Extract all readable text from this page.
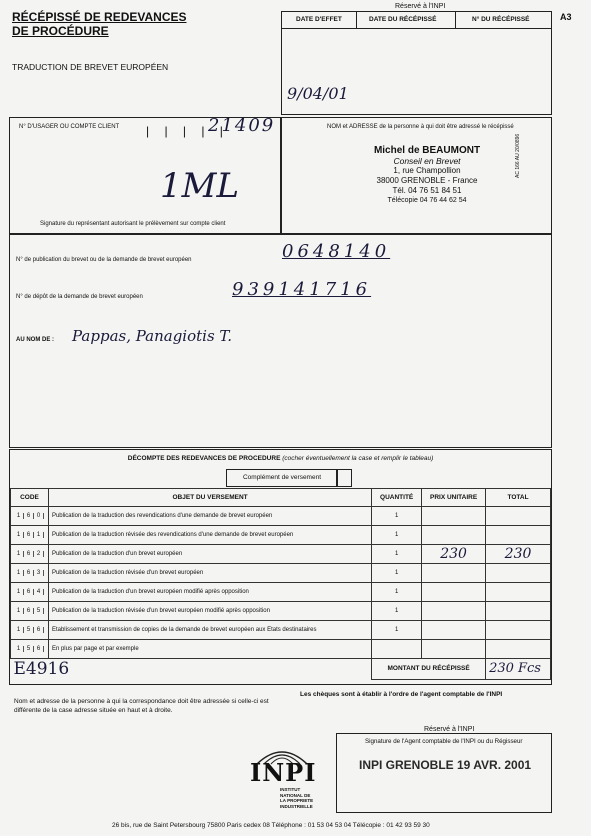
RÉCÉPISSÉ DE REDEVANCES
DE PROCÉDURE
TRADUCTION DE BREVET EUROPÉEN
A3
Réservé à l'INPI
DATE D'EFFET	DATE DU RÉCÉPISSÉ	N° DU RÉCÉPISSÉ
9/04/01
N° D'USAGER OU COMPTE CLIENT | | | | |
21409
1ML
Signature du représentant autorisant le prélèvement sur compte client
NOM et ADRESSE de la personne à qui doit être adressé le récépissé
Michel de BEAUMONT
Conseil en Brevet
1, rue Champollion
38000 GRENOBLE - France
Tél. 04 76 51 84 51
Télécopie 04 76 44 62 54
AC 166 AU 20/0896
N° de publication du brevet ou de la demande de brevet européen	0648140
N° de dépôt de la demande de brevet européen	939141716
AU NOM DE : Pappas, Panagiotis T.
DÉCOMPTE DES REDEVANCES DE PROCEDURE (cocher éventuellement la case et remplir le tableau)
Complément de versement
CODE	OBJET DU VERSEMENT	QUANTITÉ	PRIX UNITAIRE	TOTAL
1 6 0	Publication de la traduction des revendications d'une demande de brevet européen	1		
1 6 1	Publication de la traduction révisée des revendications d'une demande de brevet européen	1		
1 6 2	Publication de la traduction d'un brevet européen	1	230	230
1 6 3	Publication de la traduction révisée d'un brevet européen	1		
1 6 4	Publication de la traduction d'un brevet européen modifié après opposition	1		
1 6 5	Publication de la traduction révisée d'un brevet européen modifié après opposition	1		
1 5 6	Etablissement et transmission de copies de la demande de brevet européen aux Etats destinataires	1		
1 5 6	En plus par page et par exemple			
E4916		MONTANT DU RÉCÉPISSÉ		230 Fcs
Nom et adresse de la personne à qui la correspondance doit être adressée si celle-ci est différente de la case adresse située en haut et à droite.
Les chèques sont à établir à l'ordre de l'agent comptable de l'INPI
Réservé à l'INPI
Signature de l'Agent comptable de l'INPI ou du Régisseur
INPI GRENOBLE 19 AVR. 2001
INPI
INSTITUT
NATIONAL DE
LA PROPRIETE
INDUSTRIELLE
26 bis, rue de Saint Petersbourg 75800 Paris cedex 08 Téléphone : 01 53 04 53 04 Télécopie : 01 42 93 59 30
